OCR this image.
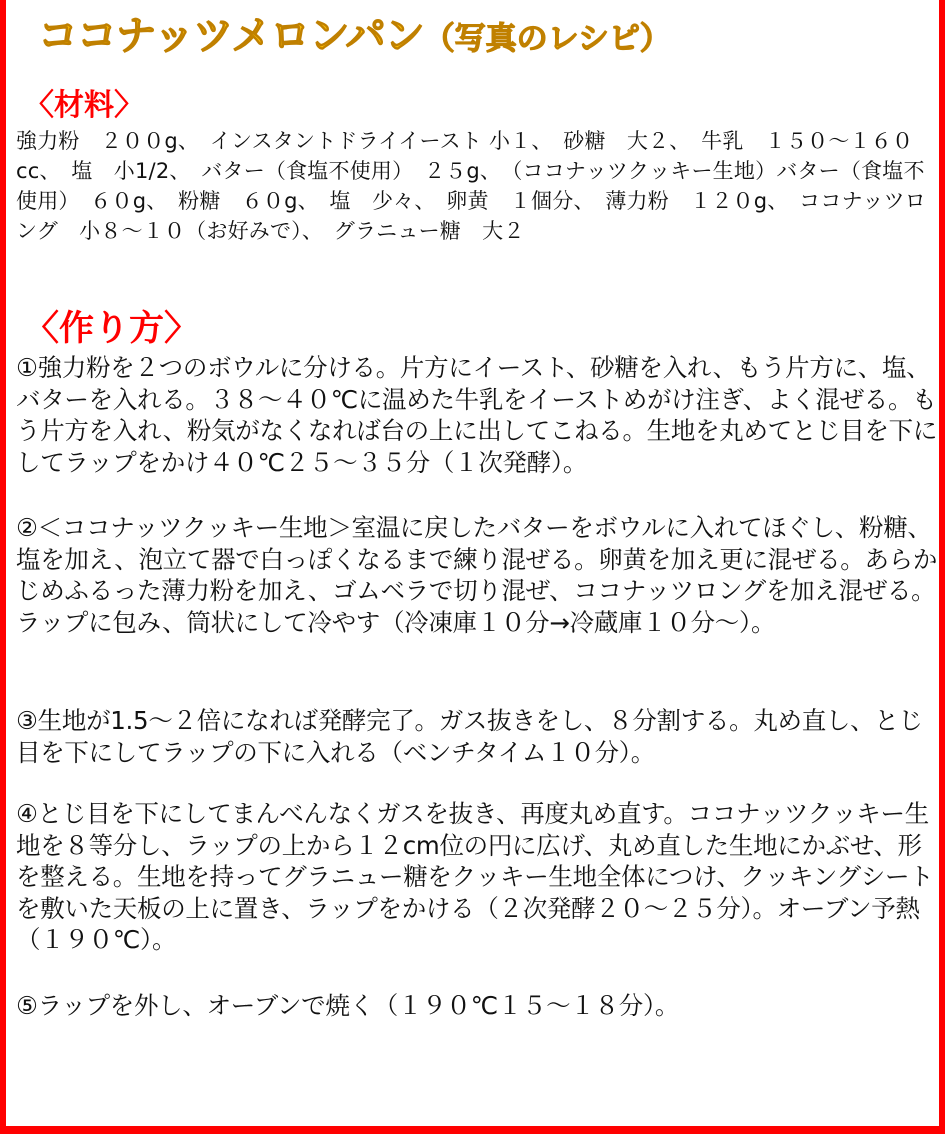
ココナッツメロンパン（写真のレシピ）
〈材料〉

強力粉　２００g、　インスタントドライイースト 小１、　砂糖　大２、　牛乳　１５０～１６０cc、　塩　小1/2、　バター（食塩不使用）　２５g、　（ココナッツクッキー生地）バター（食塩不使用）　６０g、　粉糖　６０g、　塩　少々、　卵黄　１個分、　薄力粉　１２０g、　ココナッツロング　小８～１０（お好みで）、　グラニュー糖　大２

〈作り方〉

①強力粉を２つのボウルに分ける。片方にイースト、砂糖を入れ、もう片方に、塩、バターを入れる。３８～４０℃に温めた牛乳をイーストめがけ注ぎ、よく混ぜる。もう片方を入れ、粉気がなくなれば台の上に出してこねる。生地を丸めてとじ目を下にしてラップをかけ４０℃２５～３５分（１次発酵）。

②＜ココナッツクッキー生地＞室温に戻したバターをボウルに入れてほぐし、粉糖、塩を加え、泡立て器で白っぽくなるまで練り混ぜる。卵黄を加え更に混ぜる。あらかじめふるった薄力粉を加え、ゴムベラで切り混ぜ、ココナッツロングを加え混ぜる。ラップに包み、筒状にして冷やす（冷凍庫１０分→冷蔵庫１０分～）。

③生地が1.5～２倍になれば発酵完了。ガス抜きをし、８分割する。丸め直し、とじ目を下にしてラップの下に入れる（ベンチタイム１０分）。

④とじ目を下にしてまんべんなくガスを抜き、再度丸め直す。ココナッツクッキー生地を８等分し、ラップの上から１２cm位の円に広げ、丸め直した生地にかぶせ、形を整える。生地を持ってグラニュー糖をクッキー生地全体につけ、クッキングシートを敷いた天板の上に置き、ラップをかける（２次発酵２０～２５分）。オーブン予熱（１９０℃）。

⑤ラップを外し、オーブンで焼く（１９０℃１５～１８分）。
